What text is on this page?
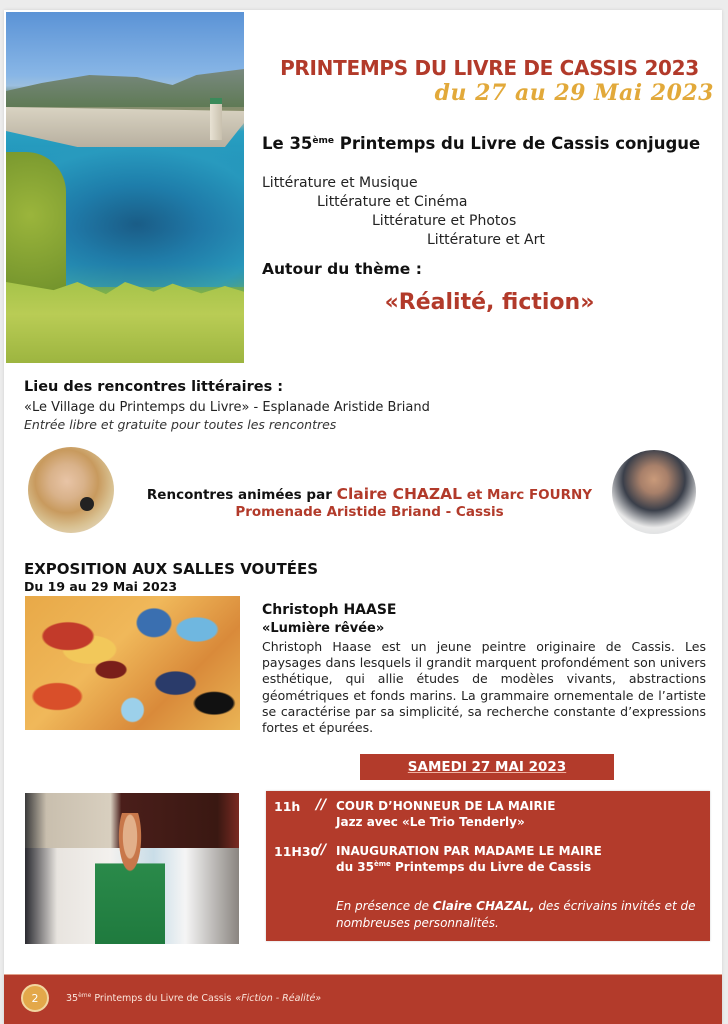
PRINTEMPS DU LIVRE DE CASSIS 2023
du 27 au 29 Mai 2023
Le 35ème Printemps du Livre de Cassis conjugue
Littérature et Musique
Littérature et Cinéma
Littérature et Photos
Littérature et Art
Autour du thème :
«Réalité, fiction»
Lieu des rencontres littéraires :
«Le Village du Printemps du Livre» - Esplanade Aristide Briand
Entrée libre et gratuite pour toutes les rencontres
Rencontres animées par Claire CHAZAL et Marc FOURNY
Promenade Aristide Briand - Cassis
EXPOSITION AUX SALLES VOUTÉES
Du 19 au 29 Mai 2023
Christoph HAASE
«Lumière rêvée»
Christoph Haase est un jeune peintre originaire de Cassis. Les paysages dans lesquels il grandit marquent profondément son univers esthétique, qui allie études de modèles vivants, abstractions géométriques et fonds marins. La grammaire ornementale de l’artiste se caractérise par sa simplicité, sa recherche constante d’expressions fortes et épurées.
SAMEDI 27 MAI 2023
11h // COUR D’HONNEUR DE LA MAIRIE
Jazz avec «Le Trio Tenderly»
11H30
// INAUGURATION PAR MADAME LE MAIRE
du 35ème Printemps du Livre de Cassis
En présence de Claire CHAZAL, des écrivains invités et de nombreuses personnalités.
2	35ème Printemps du Livre de Cassis «Fiction - Réalité»
